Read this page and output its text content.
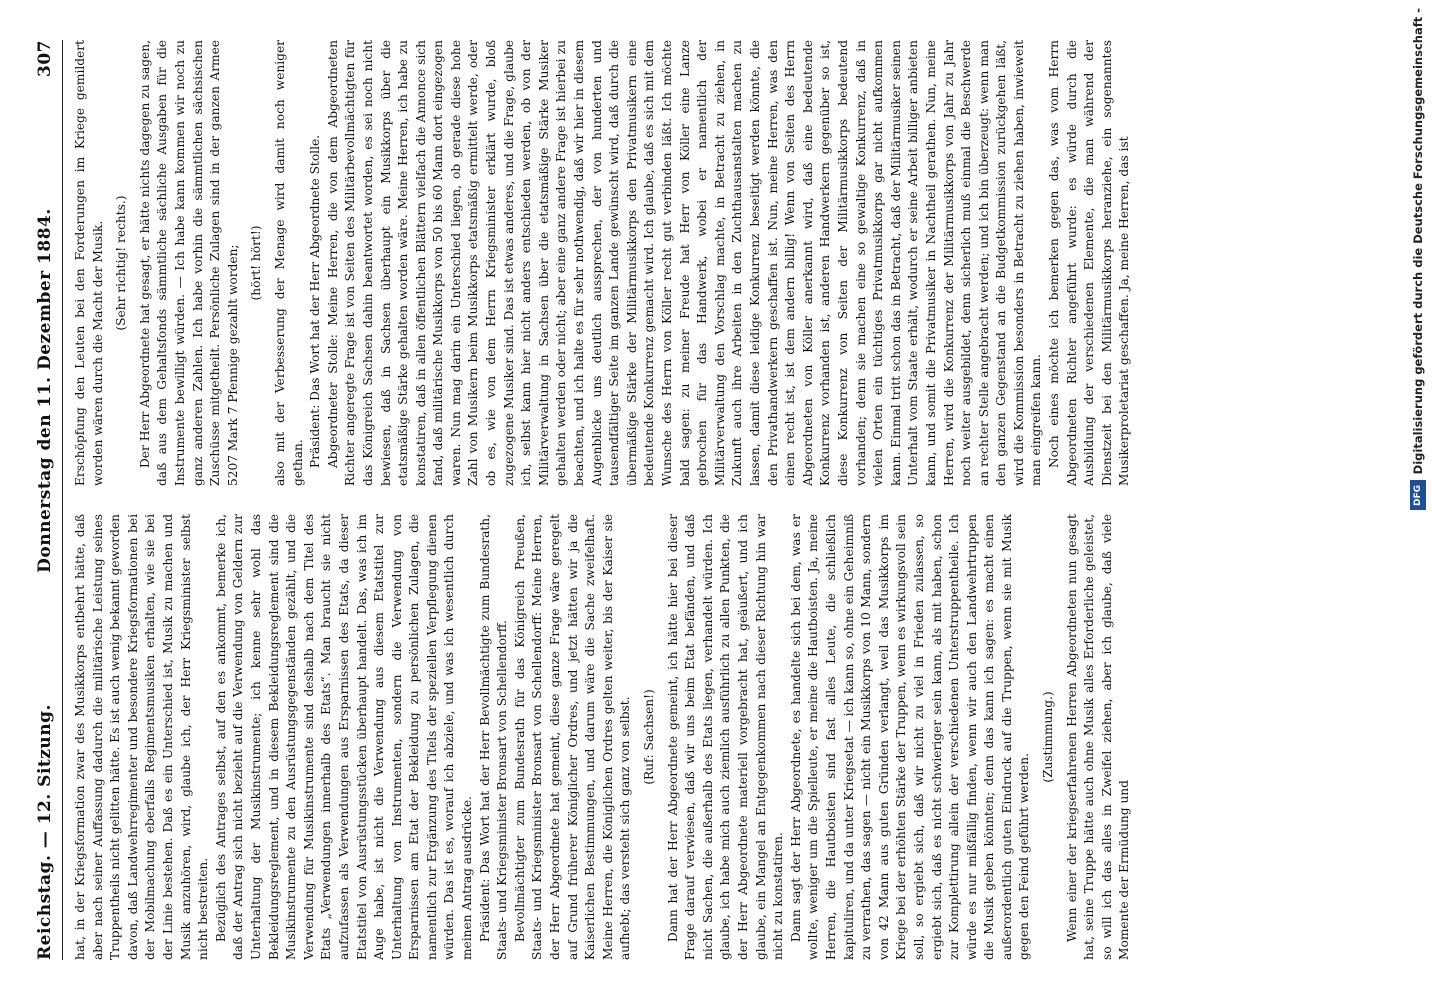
Reichstag. — 12. Sitzung.
Donnerstag den 11. Dezember 1884.
307

hat, in der Kriegsformation zwar des Musikkorps entbehrt hätte, daß aber nach seiner Auffassung dadurch die militärische Leistung seines Truppentheils nicht gelitten hätte. Es ist auch wenig bekannt geworden davon, daß Landwehrregimenter und besondere Kriegsformationen bei der Mobilmachung eberfalls Regimentsmusiken erhalten, wie sie bei der Linie bestehen. Daß es ein Unterschied ist, Musik zu machen und Musik anzuhören, wird, glaube ich, der Herr Kriegsminister selbst nicht bestreiten. Bezüglich des Antrages selbst, auf den es ankommt, bemerke ich, daß der Antrag sich nicht bezieht auf die Verwendung von Geldern zur Unterhaltung der Musikinstrumente; ich kenne sehr wohl das Bekleidungsreglement, und in diesem Bekleidungsreglement sind die Musikinstrumente zu den Ausrüstungsgegenständen gezählt, und die Verwendung für Musikinstrumente sind deshalb nach dem Titel des Etats „Verwendungen innerhalb des Etats“. Man braucht sie nicht aufzufassen als Verwendungen aus Ersparnissen des Etats, da dieser Etatstitel von Ausrüstungsstücken überhaupt handelt. Das, was ich im Auge habe, ist nicht die Verwendung aus diesem Etatstitel zur Unterhaltung von Instrumenten, sondern die Verwendung von Ersparnissen am Etat der Bekleidung zu persönlichen Zulagen, die namentlich zur Ergänzung des Titels der speziellen Verpflegung dienen würden. Das ist es, worauf ich abziele, und was ich wesentlich durch meinen Antrag ausdrücke. Präsident: Das Wort hat der Herr Bevollmächtigte zum Bundesrath, Staats- und Kriegsminister Bronsart von Schellendorff. Bevollmächtigter zum Bundesrath für das Königreich Preußen, Staats- und Kriegsminister Bronsart von Schellendorff: Meine Herren, der Herr Abgeordnete hat gemeint, diese ganze Frage wäre geregelt auf Grund früherer Königlicher Ordres, und jetzt hätten wir ja die Kaiserlichen Bestimmungen, und darum wäre die Sache zweifelhaft. Meine Herren, die Königlichen Ordres gelten weiter, bis der Kaiser sie aufhebt; das versteht sich ganz von selbst. (Ruf: Sachsen!) Dann hat der Herr Abgeordnete gemeint, ich hätte hier bei dieser Frage darauf verwiesen, daß wir uns beim Etat befänden, und daß nicht Sachen, die außerhalb des Etats liegen, verhandelt würden. Ich glaube, ich habe mich auch ziemlich ausführlich zu allen Punkten, die der Herr Abgeordnete materiell vorgebracht hat, geäußert, und ich glaube, ein Mangel an Entgegenkommen nach dieser Richtung hin war nicht zu konstatiren. Dann sagt der Herr Abgeordnete, es handelte sich bei dem, was er wollte, weniger um die Spielleute, er meine die Hautboisten. Ja, meine Herren, die Hautboisten sind fast alles Leute, die schließlich kapituliren, und da unter Kriegsetat — ich kann so, ohne ein Geheimniß zu verrathen, das sagen — nicht ein Musikkorps von 10 Mann, sondern von 42 Mann aus guten Gründen verlangt, weil das Musikkorps im Kriege bei der erhöhten Stärke der Truppen, wenn es wirkungsvoll sein soll, so ergiebt sich, daß wir nicht zu viel in Frieden zulassen, so ergiebt sich, daß es nicht schwieriger sein kann, als mit haben, schon zur Komplettirung allein der verschiedenen Unterstruppentheile. Ich würde es nur mißfällig finden, wenn wir auch den Landwehrtruppen die Musik geben könnten; denn das kann ich sagen: es macht einen außerordentlich guten Eindruck auf die Truppen, wenn sie mit Musik gegen den Feind geführt werden.

(Zustimmung.) Wenn einer der kriegserfahrenen Herren Abgeordneten nun gesagt hat, seine Truppe hätte auch ohne Musik alles Erforderliche geleistet, so will ich das alles in Zweifel ziehen, aber ich glaube, daß viele Momente der Ermüdung und

Erschöpfung den Leuten bei den Forderungen im Kriege gemildert worden wären durch die Macht der Musik. (Sehr richtig! rechts.) Der Herr Abgeordnete hat gesagt, er hätte nichts dagegen zu sagen, daß aus dem Gehaltsfonds sämmtliche sächliche Ausgaben für die Instrumente bewilligt würden. — Ich habe kann kommen wir noch zu ganz anderen Zahlen. Ich habe vorhin die sämmtlichen sächsischen Zuschüsse mitgetheilt. Persönliche Zulagen sind in der ganzen Armee 5207 Mark 7 Pfennige gezahlt worden; (hört! hört!) also mit der Verbesserung der Menage wird damit noch weniger gethan. Präsident: Das Wort hat der Herr Abgeordnete Stolle. Abgeordneter Stolle: Meine Herren, die von dem Abgeordneten Richter angeregte Frage ist von Seiten des Militärbevollmächtigten für das Königreich Sachsen dahin beantwortet worden, es sei noch nicht bewiesen, daß in Sachsen überhaupt ein Musikkorps über die etatsmäßige Stärke gehalten worden wäre. Meine Herren, ich habe zu konstatiren, daß in allen öffentlichen Blättern vielfach die Annonce sich fand, daß militärische Musikkorps von 50 bis 60 Mann dort eingezogen waren. Nun mag darin ein Unterschied liegen, ob gerade diese hohe Zahl von Musikern beim Musikkorps etatsmäßig ermittelt werde, oder ob es, wie von dem Herrn Kriegsminister erklärt wurde, bloß zugezogene Musiker sind. Das ist etwas anderes, und die Frage, glaube ich, selbst kann hier nicht anders entschieden werden, ob von der Militärverwaltung in Sachsen über die etatsmäßige Stärke Musiker gehalten werden oder nicht; aber eine ganz andere Frage ist hierbei zu beachten, und ich halte es für sehr nothwendig, daß wir hier in diesem Augenblicke uns deutlich aussprechen, der von hunderten und tausendfältiger Seite im ganzen Lande gewünscht wird, daß durch die übermäßige Stärke der Militärmusikkorps den Privatmusikern eine bedeutende Konkurrenz gemacht wird. Ich glaube, daß es sich mit dem Wunsche des Herrn von Köller recht gut verbinden läßt. Ich möchte bald sagen: zu meiner Freude hat Herr von Köller eine Lanze gebrochen für das Handwerk, wobei er namentlich der Militärverwaltung den Vorschlag machte, in Betracht zu ziehen, in Zukunft auch ihre Arbeiten in den Zuchthausanstalten machen zu lassen, damit diese leidige Konkurrenz beseitigt werden könnte, die den Privathandwerkern geschaffen ist. Nun, meine Herren, was den einen recht ist, ist dem andern billig! Wenn von Seiten des Herrn Abgeordneten von Köller anerkannt wird, daß eine bedeutende Konkurrenz vorhanden ist, anderen Handwerkern gegenüber so ist, diese Konkurrenz von Seiten der Militärmusikkorps bedeutend vorhanden; denn sie machen eine so gewaltige Konkurrenz, daß in vielen Orten ein tüchtiges Privatmusikkorps gar nicht aufkommen kann. Einmal tritt schon das in Betracht, daß der Militärmusiker seinen Unterhalt vom Staate erhält, wodurch er seine Arbeit billiger anbieten kann, und somit die Privatmusiker in Nachtheil gerathen. Nun, meine Herren, wird die Konkurrenz der Militärmusikkorps von Jahr zu Jahr noch weiter ausgebildet, denn sicherlich muß einmal die Beschwerde an rechter Stelle angebracht werden; und ich bin überzeugt: wenn man den ganzen Gegenstand an die Budgetkommission zurückgehen läßt, wird die Kommission besonders in Betracht zu ziehen haben, inwieweit man eingreifen kann. Noch eines möchte ich bemerken gegen das, was vom Herrn Abgeordneten Richter angeführt wurde: es würde durch die Ausbildung der verschiedenen Elemente, die man während der Dienstzeit bei den Militärmusikkorps heranziehe, ein sogenanntes Musikerproletariat geschaffen. Ja, meine Herren, das ist	Digitalisierung gefördert durch die Deutsche Forschungsgemeinschaft -
DFG
